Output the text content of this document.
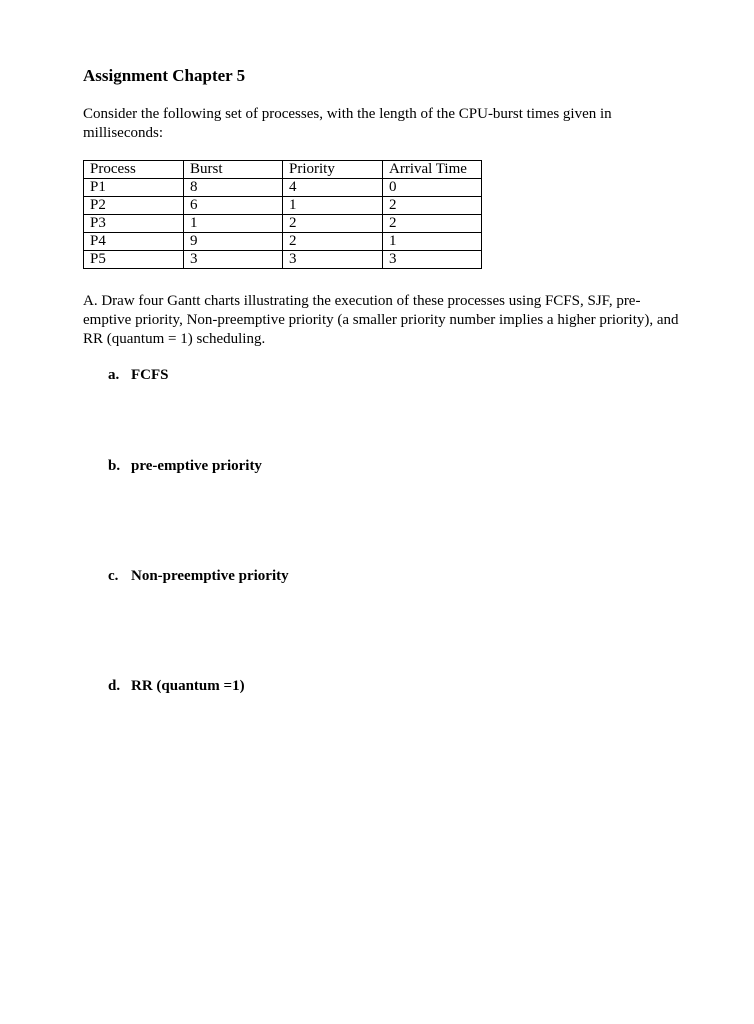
Assignment Chapter 5

Consider the following set of processes, with the length of the CPU-burst times given in milliseconds:

Process	Burst	Priority	Arrival Time
P1	8	4	0
P2	6	1	2
P3	1	2	2
P4	9	2	1
P5	3	3	3

A. Draw four Gantt charts illustrating the execution of these processes using FCFS, SJF, pre-emptive priority, Non-preemptive priority (a smaller priority number implies a higher priority), and RR (quantum = 1) scheduling.

a. FCFS

b. pre-emptive priority

c. Non-preemptive priority

d. RR (quantum =1)
